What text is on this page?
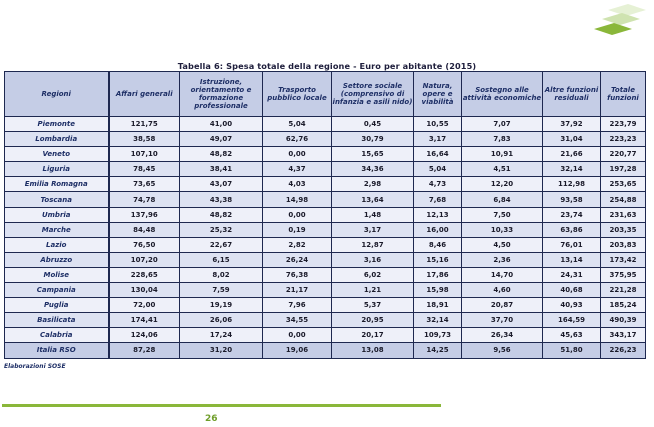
Tabella 6: Spesa totale della regione - Euro per abitante (2015)
Regioni	Affari generali	Istruzione, orientamento e formazione professionale	Trasporto pubblico locale	Settore sociale (comprensivo di infanzia e asili nido)	Natura, opere e viabilità	Sostegno alle attività economiche	Altre funzioni residuali	Totale funzioni
Piemonte	121,75	41,00	5,04	0,45	10,55	7,07	37,92	223,79
Lombardia	38,58	49,07	62,76	30,79	3,17	7,83	31,04	223,23
Veneto	107,10	48,82	0,00	15,65	16,64	10,91	21,66	220,77
Liguria	78,45	38,41	4,37	34,36	5,04	4,51	32,14	197,28
Emilia Romagna	73,65	43,07	4,03	2,98	4,73	12,20	112,98	253,65
Toscana	74,78	43,38	14,98	13,64	7,68	6,84	93,58	254,88
Umbria	137,96	48,82	0,00	1,48	12,13	7,50	23,74	231,63
Marche	84,48	25,32	0,19	3,17	16,00	10,33	63,86	203,35
Lazio	76,50	22,67	2,82	12,87	8,46	4,50	76,01	203,83
Abruzzo	107,20	6,15	26,24	3,16	15,16	2,36	13,14	173,42
Molise	228,65	8,02	76,38	6,02	17,86	14,70	24,31	375,95
Campania	130,04	7,59	21,17	1,21	15,98	4,60	40,68	221,28
Puglia	72,00	19,19	7,96	5,37	18,91	20,87	40,93	185,24
Basilicata	174,41	26,06	34,55	20,95	32,14	37,70	164,59	490,39
Calabria	124,06	17,24	0,00	20,17	109,73	26,34	45,63	343,17
Italia RSO	87,28	31,20	19,06	13,08	14,25	9,56	51,80	226,23
Elaborazioni SOSE
26
